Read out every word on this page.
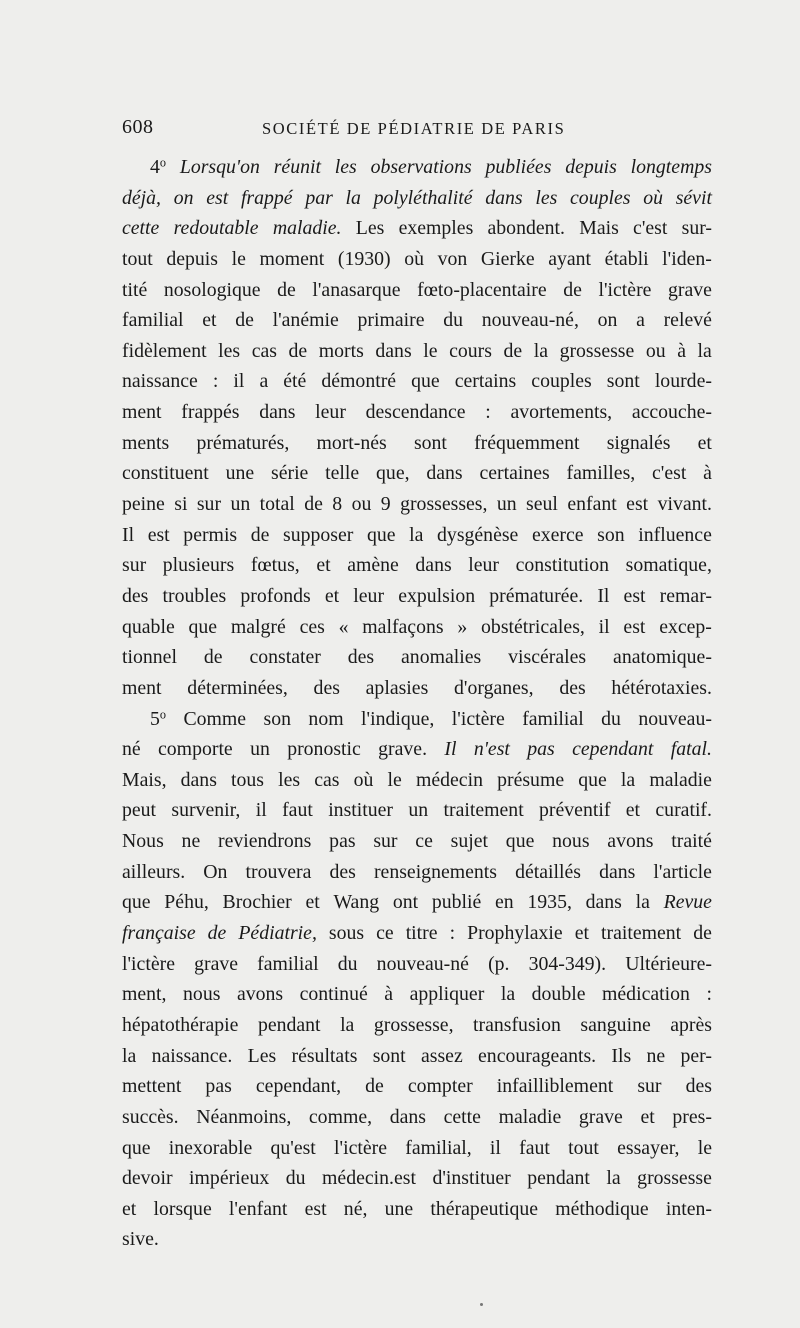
608	SOCIÉTÉ DE PÉDIATRIE DE PARIS
4$^o$ Lorsqu'on réunit les observations publiées depuis longtemps
déjà, on est frappé par la polyléthalité dans les couples où sévit
cette redoutable maladie. Les exemples abondent. Mais c'est sur-
tout depuis le moment (1930) où von Gierke ayant établi l'iden-
tité nosologique de l'anasarque fœto-placentaire de l'ictère grave
familial et de l'anémie primaire du nouveau-né, on a relevé
fidèlement les cas de morts dans le cours de la grossesse ou à la
naissance : il a été démontré que certains couples sont lourde-
ment frappés dans leur descendance : avortements, accouche-
ments prématurés, mort-nés sont fréquemment signalés et
constituent une série telle que, dans certaines familles, c'est à
peine si sur un total de 8 ou 9 grossesses, un seul enfant est vivant.
Il est permis de supposer que la dysgénèse exerce son influence
sur plusieurs fœtus, et amène dans leur constitution somatique,
des troubles profonds et leur expulsion prématurée. Il est remar-
quable que malgré ces « malfaçons » obstétricales, il est excep-
tionnel de constater des anomalies viscérales anatomique-
ment déterminées, des aplasies d'organes, des hétérotaxies.
5$^o$ Comme son nom l'indique, l'ictère familial du nouveau-
né comporte un pronostic grave. Il n'est pas cependant fatal.
Mais, dans tous les cas où le médecin présume que la maladie
peut survenir, il faut instituer un traitement préventif et curatif.
Nous ne reviendrons pas sur ce sujet que nous avons traité
ailleurs. On trouvera des renseignements détaillés dans l'article
que Péhu, Brochier et Wang ont publié en 1935, dans la Revue
française de Pédiatrie, sous ce titre : Prophylaxie et traitement de
l'ictère grave familial du nouveau-né (p. 304-349). Ultérieure-
ment, nous avons continué à appliquer la double médication :
hépatothérapie pendant la grossesse, transfusion sanguine après
la naissance. Les résultats sont assez encourageants. Ils ne per-
mettent pas cependant, de compter infailliblement sur des
succès. Néanmoins, comme, dans cette maladie grave et pres-
que inexorable qu'est l'ictère familial, il faut tout essayer, le
devoir impérieux du médecin.est d'instituer pendant la grossesse
et lorsque l'enfant est né, une thérapeutique méthodique inten-
sive.
